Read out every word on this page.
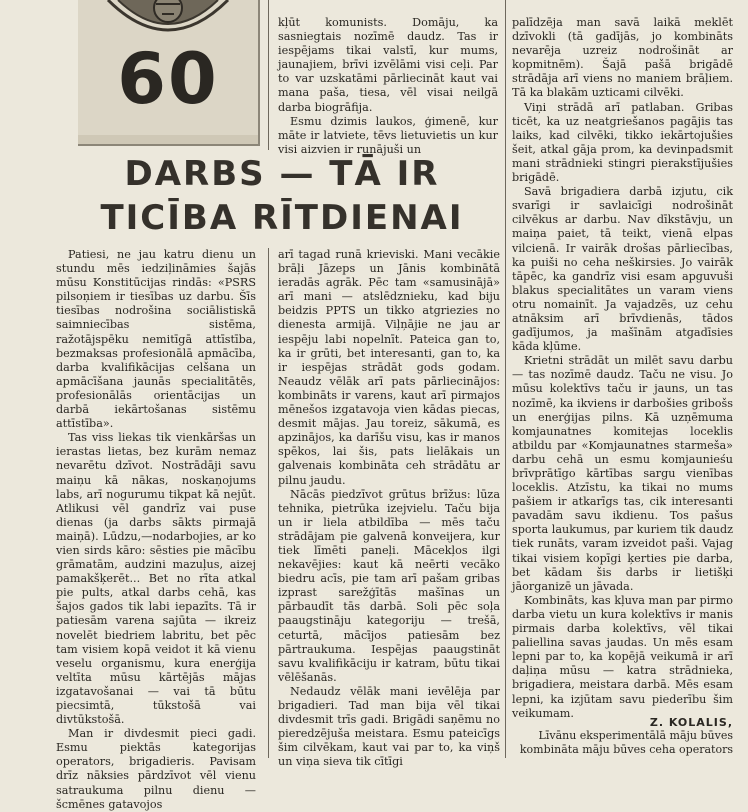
60
DARBS — TĀ IR
TICĪBA RĪTDIENAI

kļūt komunists. Domāju, ka sasniegtais nozīmē daudz. Tas ir iespējams tikai valstī, kur mums, jaunajiem, brīvi izvēlāmi visi ceļi. Par to var uzskatāmi pārliecināt kaut vai mana paša, tiesa, vēl visai neilgā darba biogrāfija.

Esmu dzimis laukos, ģimenē, kur māte ir latviete, tēvs lietuvietis un kur visi aizvien ir runājuši un

Patiesi, ne jau katru dienu un stundu mēs iedziļināmies šajās mūsu Konstitūcijas rindās: «PSRS pilsoņiem ir tiesības uz darbu. Šīs tiesības nodrošina sociālistiskā saimniecības sistēma, ražotājspēku nemitīgā attīstība, bezmaksas profesionālā apmācība, darba kvalifikācijas celšana un apmācīšana jaunās specialitātēs, profesionālās orientācijas un darbā iekārtošanas sistēmu attīstība».

Tas viss liekas tik vienkāršas un ierastas lietas, bez kurām nemaz nevarētu dzīvot. Nostrādāji savu maiņu kā nākas, noskaņojums labs, arī nogurumu tikpat kā nejūt. Atlikusi vēl gandrīz vai puse dienas (ja darbs sākts pirmajā maiņā). Lūdzu,—nodarbojies, ar ko vien sirds kāro: sēsties pie mācību grāmatām, audzini mazuļus, aizej pamakšķerēt... Bet no rīta atkal pie pults, atkal darbs cehā, kas šajos gados tik labi iepazīts. Tā ir patiesām varena sajūta — ikreiz novelēt biedriem labritu, bet pēc tam visiem kopā veidot it kā vienu veselu organismu, kura enerģija veltīta mūsu kārtējās mājas izgatavošanai — vai tā būtu piecsimtā, tūkstošā vai divtūkstošā.

Man ir divdesmit pieci gadi. Esmu piektās kategorijas operators, brigadieris. Pavisam drīz nāksies pārdzīvot vēl vienu satraukuma pilnu dienu — šcmēnes gatavojos

arī tagad runā krieviski. Mani vecākie brāļi Jāzeps un Jānis kombinātā ieradās agrāk. Pēc tam «samusinājā» arī mani — atslēdznieku, kad biju beidzis PPTS un tikko atgriezies no dienesta armijā. Viļņājie ne jau ar iespēju labi nopelnīt. Pateica gan to, ka ir grūti, bet interesanti, gan to, ka ir iespējas strādāt gods godam. Neaudz vēlāk arī pats pārliecinājos: kombināts ir varens, kaut arī pirmajos mēnešos izgatavoja vien kādas piecas, desmit mājas. Jau toreiz, sākumā, es apzinājos, ka darīšu visu, kas ir manos spēkos, lai šis, pats lielākais un galvenais kombināta ceh strādātu ar pilnu jaudu.

Nācās piedzīvot grūtus brīžus: lūza tehnika, pietrūka izejvielu. Taču bija un ir liela atbildība — mēs taču strādājam pie galvenā konveijera, kur tiek līmēti paneļi. Mācekļos ilgi nekavējies: kaut kā neērti vecāko biedru acīs, pie tam arī pašam gribas izprast sarežģītās mašīnas un pārbaudīt tās darbā. Soli pēc soļa paaugstināju kategoriju — trešā, ceturtā, mācījos patiesām bez pārtraukuma. Iespējas paaugstināt savu kvalifikāciju ir katram, būtu tikai vēlēšanās.

Nedaudz vēlāk mani ievēlēja par brigadieri. Tad man bija vēl tikai divdesmit trīs gadi. Brigādi saņēmu no pieredzējuša meistara. Esmu pateicīgs šim cilvēkam, kaut vai par to, ka viņš un viņa sieva tik cītīgi

palīdzēja man savā laikā meklēt dzīvokli (tā gadījās, jo kombināts nevarēja uzreiz nodrošināt ar kopmitnēm). Šajā pašā brigādē strādāja arī viens no maniem brāļiem. Tā ka blakām uzticami cilvēki.

Viņi strādā arī patlaban. Gribas ticēt, ka uz neatgriešanos pagājis tas laiks, kad cilvēki, tikko iekārtojušies šeit, atkal gāja prom, ka devinpadsmit mani strādnieki stingri pierakstījušies brigādē.

Savā brigadiera darbā izjutu, cik svarīgi ir savlaicīgi nodrošināt cilvēkus ar darbu. Nav dīkstāvju, un maiņa paiet, tā teikt, vienā elpas vilcienā. Ir vairāk drošas pārliecības, ka puiši no ceha neškirsies. Jo vairāk tāpēc, ka gandrīz visi esam apguvuši blakus specialitātes un varam viens otru nomainīt. Ja vajadzēs, uz cehu atnāksim arī brīvdienās, tādos gadījumos, ja mašīnām atgadīsies kāda kļūme.

Krietni strādāt un milēt savu darbu — tas nozīmē daudz. Taču ne visu. Jo mūsu kolektīvs taču ir jauns, un tas nozīmē, ka ikviens ir darbošies gribošs un enerģijas pilns. Kā uzņēmuma komjaunatnes komitejas loceklis atbildu par «Komjaunatnes starmešа» darbu cehā un esmu komjaunieśu brīvprātīgo kārtības sargu vienības loceklis. Atzīstu, ka tikai no mums pašiem ir atkarīgs tas, cik interesanti pavadām savu ikdienu. Tos pašus sporta laukumus, par kuriem tik daudz tiek runāts, varam izveidot paši. Vajag tikai visiem kopīgi ķerties pie darba, bet kādam šis darbs ir lietišķi jāorganizē un jāvada.

Kombināts, kas kļuva man par pirmo darba vietu un kura kolektīvs ir manis pirmais darba kolektīvs, vēl tikai paliellina savas jaudas. Un mēs esam lepni par to, ka kopējā veikumā ir arī daļiņa mūsu — katra strādnieka, brigadiera, meistara darbā. Mēs esam lepni, ka izjūtam savu piederību šim veikumam.

Z. KOLALIS,
Līvānu eksperimentālā māju būves kombināta māju būves ceha operators
